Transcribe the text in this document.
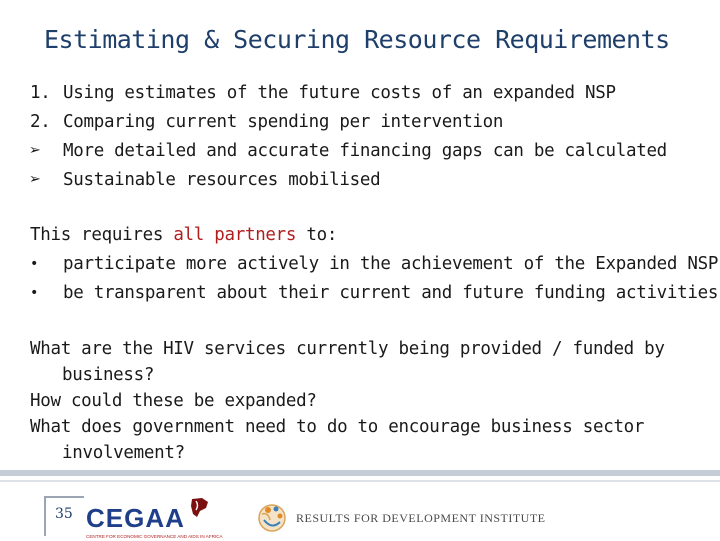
Estimating & Securing Resource Requirements
1. Using estimates of the future costs of an expanded NSP
2. Comparing current spending per intervention
➢	More detailed and accurate financing gaps can be calculated
➢	Sustainable resources mobilised
This requires all partners to:
•	participate more actively in the achievement of the Expanded NSP
•	be transparent about their current and future funding activities
What are the HIV services currently being provided / funded by
business?
How could these be expanded?
What does government need to do to encourage business sector
involvement?
35 CEGAA
CENTRE FOR ECONOMIC GOVERNANCE AND AIDS IN AFRICA
RESULTS FOR DEVELOPMENT INSTITUTE
